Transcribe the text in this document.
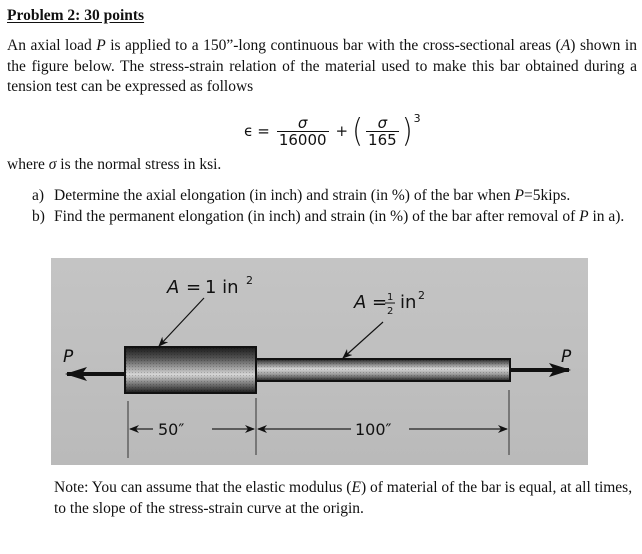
Problem 2: 30 points
An axial load P is applied to a 150”-long continuous bar with the cross-sectional areas (A) shown in the figure below. The stress-strain relation of the material used to make this bar obtained during a tension test can be expressed as follows
$\epsilon = \frac{\sigma}{16000}$ + ( $\frac{\sigma}{165}$ ) 3
where σ is the normal stress in ksi.
a) Determine the axial elongation (in inch) and strain (in %) of the bar when P=5kips.
b) Find the permanent elongation (in inch) and strain (in %) of the bar after removal of P in a).
P	P
A = 1 in 2
A = 1
2 in 2
50″	100″
Note: You can assume that the elastic modulus (E) of material of the bar is equal, at all times, to the slope of the stress-strain curve at the origin.
